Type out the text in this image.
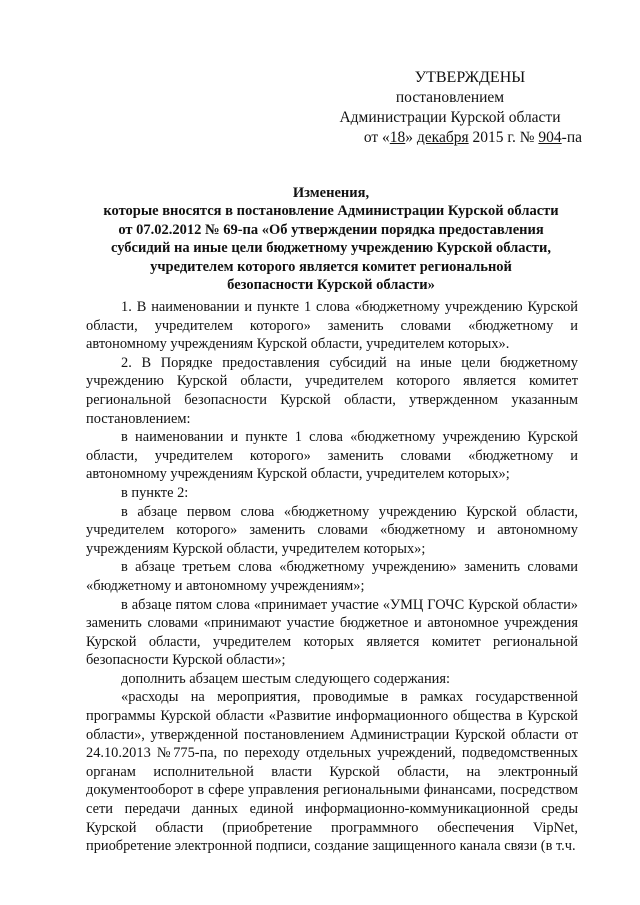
УТВЕРЖДЕНЫ
постановлением
Администрации Курской области
от «18» декабря 2015 г. № 904-па
Изменения,
которые вносятся в постановление Администрации Курской области
от 07.02.2012 № 69-па «Об утверждении порядка предоставления
субсидий на иные цели бюджетному учреждению Курской области,
учредителем которого является комитет региональной
безопасности Курской области»

1. В наименовании и пункте 1 слова «бюджетному учреждению Курской области, учредителем которого» заменить словами «бюджетному и автономному учреждениям Курской области, учредителем которых».

2. В Порядке предоставления субсидий на иные цели бюджетному учреждению Курской области, учредителем которого является комитет региональной безопасности Курской области, утвержденном указанным постановлением:

в наименовании и пункте 1 слова «бюджетному учреждению Курской области, учредителем которого» заменить словами «бюджетному и автономному учреждениям Курской области, учредителем которых»;

в пункте 2:

в абзаце первом слова «бюджетному учреждению Курской области, учредителем которого» заменить словами «бюджетному и автономному учреждениям Курской области, учредителем которых»;

в абзаце третьем слова «бюджетному учреждению» заменить словами «бюджетному и автономному учреждениям»;

в абзаце пятом слова «принимает участие «УМЦ ГОЧС Курской области» заменить словами «принимают участие бюджетное и автономное учреждения Курской области, учредителем которых является комитет региональной безопасности Курской области»;

дополнить абзацем шестым следующего содержания:

«расходы на мероприятия, проводимые в рамках государственной программы Курской области «Развитие информационного общества в Курской области», утвержденной постановлением Администрации Курской области от 24.10.2013 №775-па, по переходу отдельных учреждений, подведомственных органам исполнительной власти Курской области, на электронный документооборот в сфере управления региональными финансами, посредством сети передачи данных единой информационно-коммуникационной среды Курской области (приобретение программного обеспечения VipNet, приобретение электронной подписи, создание защищенного канала связи (в т.ч.
